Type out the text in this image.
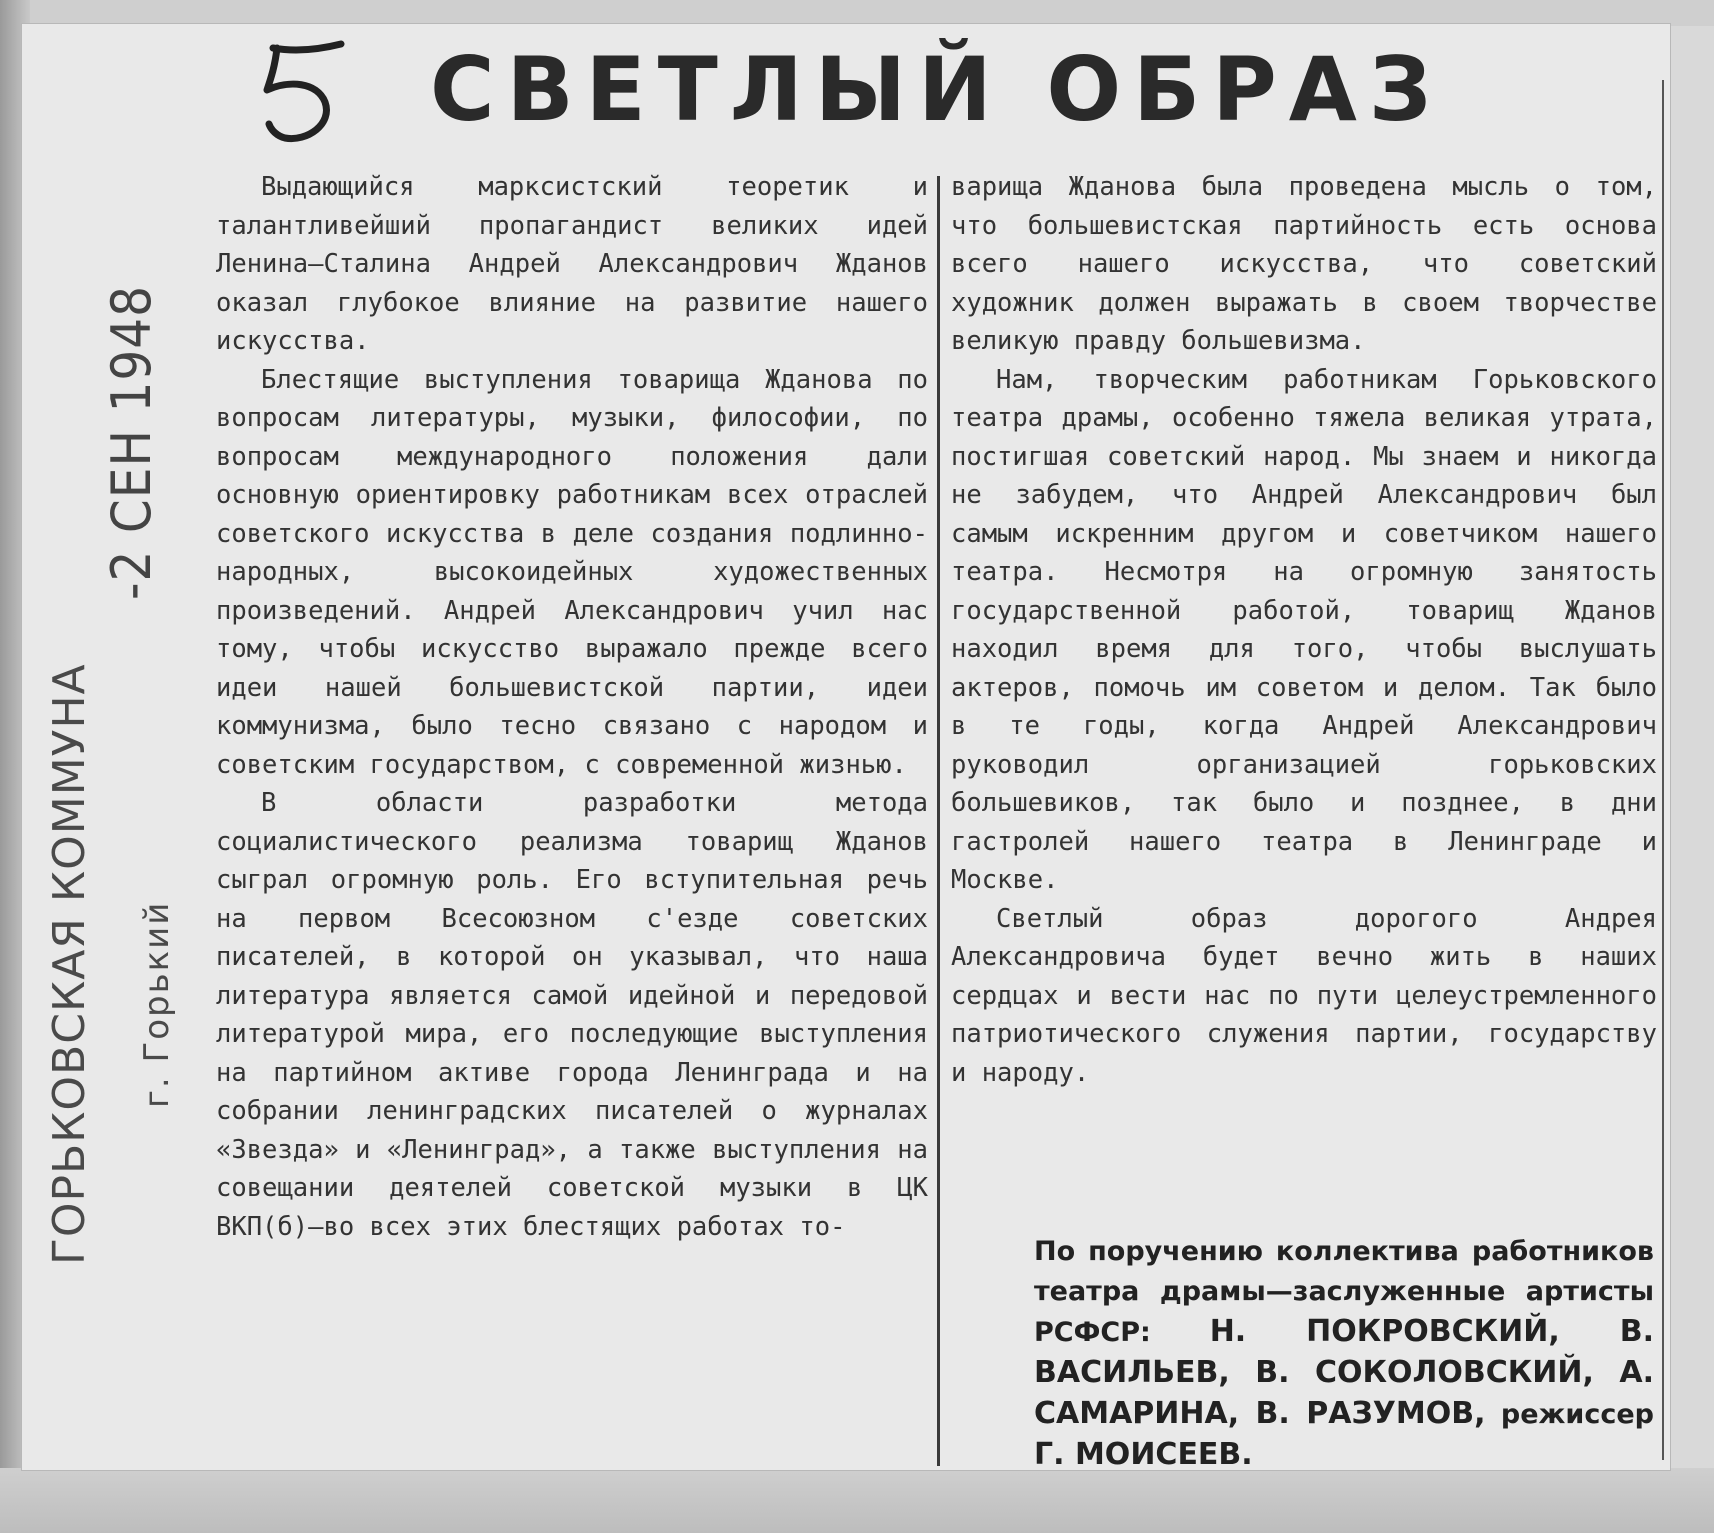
СВЕТЛЫЙ ОБРАЗ
-2 СЕН 1948
ГОРЬКОВСКАЯ КОММУНА г. Горький

Выдающийся марксистский теоретик и талантливейший пропагандист великих идей Ленина—Сталина Андрей Александрович Жданов оказал глубокое влияние на развитие нашего искусства.

Блестящие выступления товарища Жданова по вопросам литературы, музыки, философии, по вопросам международного положения дали основную ориентировку работникам всех отраслей советского искусства в деле создания подлинно-народных, высокоидейных художественных произведений. Андрей Александрович учил нас тому, чтобы искусство выражало прежде всего идеи нашей большевистской партии, идеи коммунизма, было тесно связано с народом и советским государством, с современной жизнью.

В области разработки метода социалистического реализма товарищ Жданов сыграл огромную роль. Его вступительная речь на первом Всесоюзном с'езде советских писателей, в которой он указывал, что наша литература является самой идейной и передовой литературой мира, его последующие выступления на партийном активе города Ленинграда и на собрании ленинградских писателей о журналах «Звезда» и «Ленинград», а также выступления на совещании деятелей советской музыки в ЦК ВКП(б)—во всех этих блестящих работах то-

варища Жданова была проведена мысль о том, что большевистская партийность есть основа всего нашего искусства, что советский художник должен выражать в своем творчестве великую правду большевизма.

Нам, творческим работникам Горьковского театра драмы, особенно тяжела великая утрата, постигшая советский народ. Мы знаем и никогда не забудем, что Андрей Александрович был самым искренним другом и советчиком нашего театра. Несмотря на огромную занятость государственной работой, товарищ Жданов находил время для того, чтобы выслушать актеров, помочь им советом и делом. Так было в те годы, когда Андрей Александрович руководил организацией горьковских большевиков, так было и позднее, в дни гастролей нашего театра в Ленинграде и Москве.

Светлый образ дорогого Андрея Александровича будет вечно жить в наших сердцах и вести нас по пути целеустремленного патриотического служения партии, государству и народу.

По поручению коллектива работников театра драмы—заслуженные артисты РСФСР: Н. ПОКРОВСКИЙ, В. ВАСИЛЬЕВ, В. СОКОЛОВСКИЙ, А. САМАРИНА, В. РАЗУМОВ, режиссер Г. МОИСЕЕВ.
